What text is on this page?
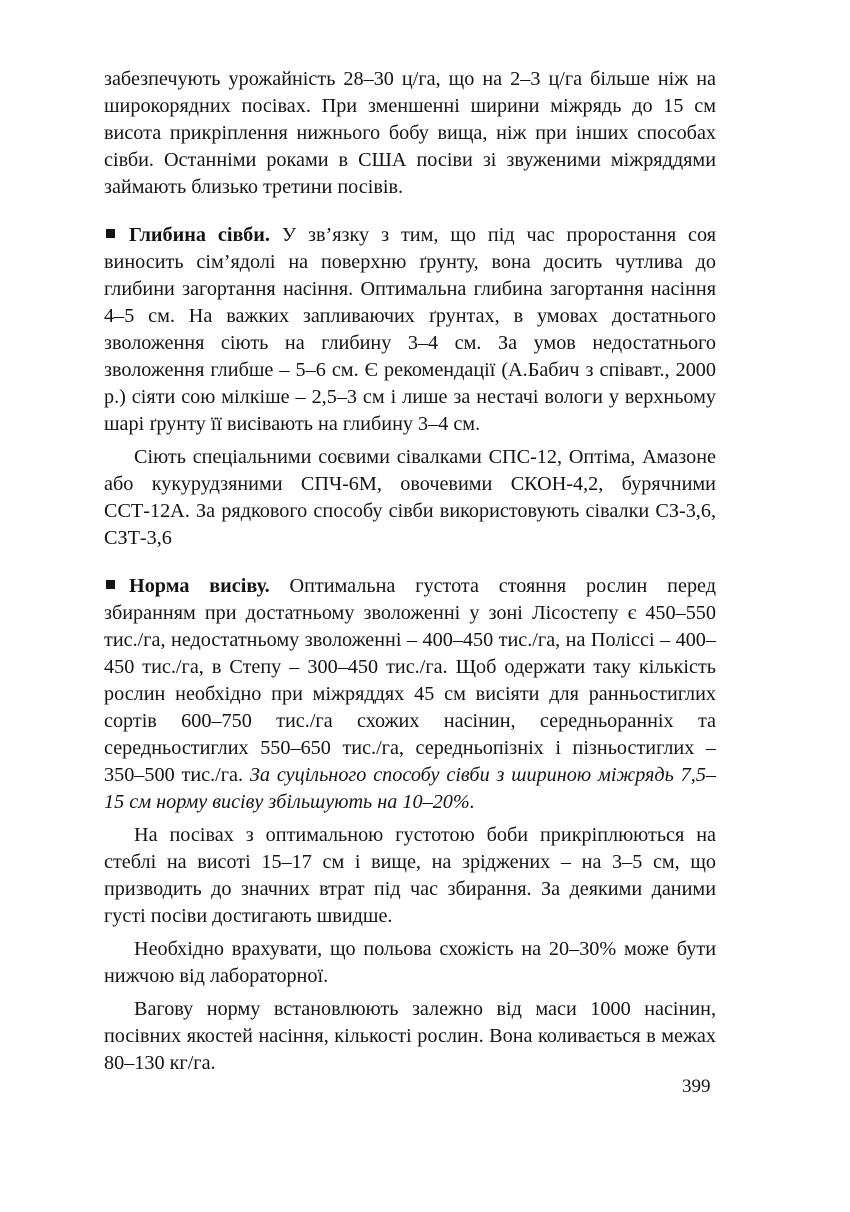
забезпечують урожайність 28–30 ц/га, що на 2–3 ц/га більше ніж на широкорядних посівах. При зменшенні ширини міжрядь до 15 см висота прикріплення нижнього бобу вища, ніж при інших способах сівби. Останніми роками в США посіви зі звуженими міжряддями займають близько третини посівів.

Глибина сівби. У зв’язку з тим, що під час проростання соя виносить сім’ядолі на поверхню ґрунту, вона досить чутлива до глибини загортання насіння. Оптимальна глибина загортання насіння 4–5 см. На важких запливаючих ґрунтах, в умовах достатнього зволоження сіють на глибину 3–4 см. За умов недостатнього зволоження глибше – 5–6 см. Є рекомендації (А.Бабич з співавт., 2000 р.) сіяти сою мілкіше – 2,5–3 см і лише за нестачі вологи у верхньому шарі ґрунту її висівають на глибину 3–4 см.

Сіють спеціальними соєвими сівалками СПС-12, Оптіма, Амазоне або кукурудзяними СПЧ-6М, овочевими СКОН-4,2, бурячними ССТ-12А. За рядкового способу сівби використовують сівалки СЗ-3,6, СЗТ-3,6

Норма висіву. Оптимальна густота стояння рослин перед збиранням при достатньому зволоженні у зоні Лісостепу є 450–550 тис./га, недостатньому зволоженні – 400–450 тис./га, на Поліссі – 400–450 тис./га, в Степу – 300–450 тис./га. Щоб одержати таку кількість рослин необхідно при міжряддях 45 см висіяти для ранньостиглих сортів 600–750 тис./га схожих насінин, середньоранніх та середньостиглих 550–650 тис./га, середньопізніх і пізньостиглих – 350–500 тис./га. За суцільного способу сівби з шириною міжрядь 7,5–15 см норму висіву збільшують на 10–20%.

На посівах з оптимальною густотою боби прикріплюються на стеблі на висоті 15–17 см і вище, на зріджених – на 3–5 см, що призводить до значних втрат під час збирання. За деякими даними густі посіви достигають швидше.

Необхідно врахувати, що польова схожість на 20–30% може бути нижчою від лабораторної.

Вагову норму встановлюють залежно від маси 1000 насінин, посівних якостей насіння, кількості рослин. Вона коливається в межах 80–130 кг/га.

399
